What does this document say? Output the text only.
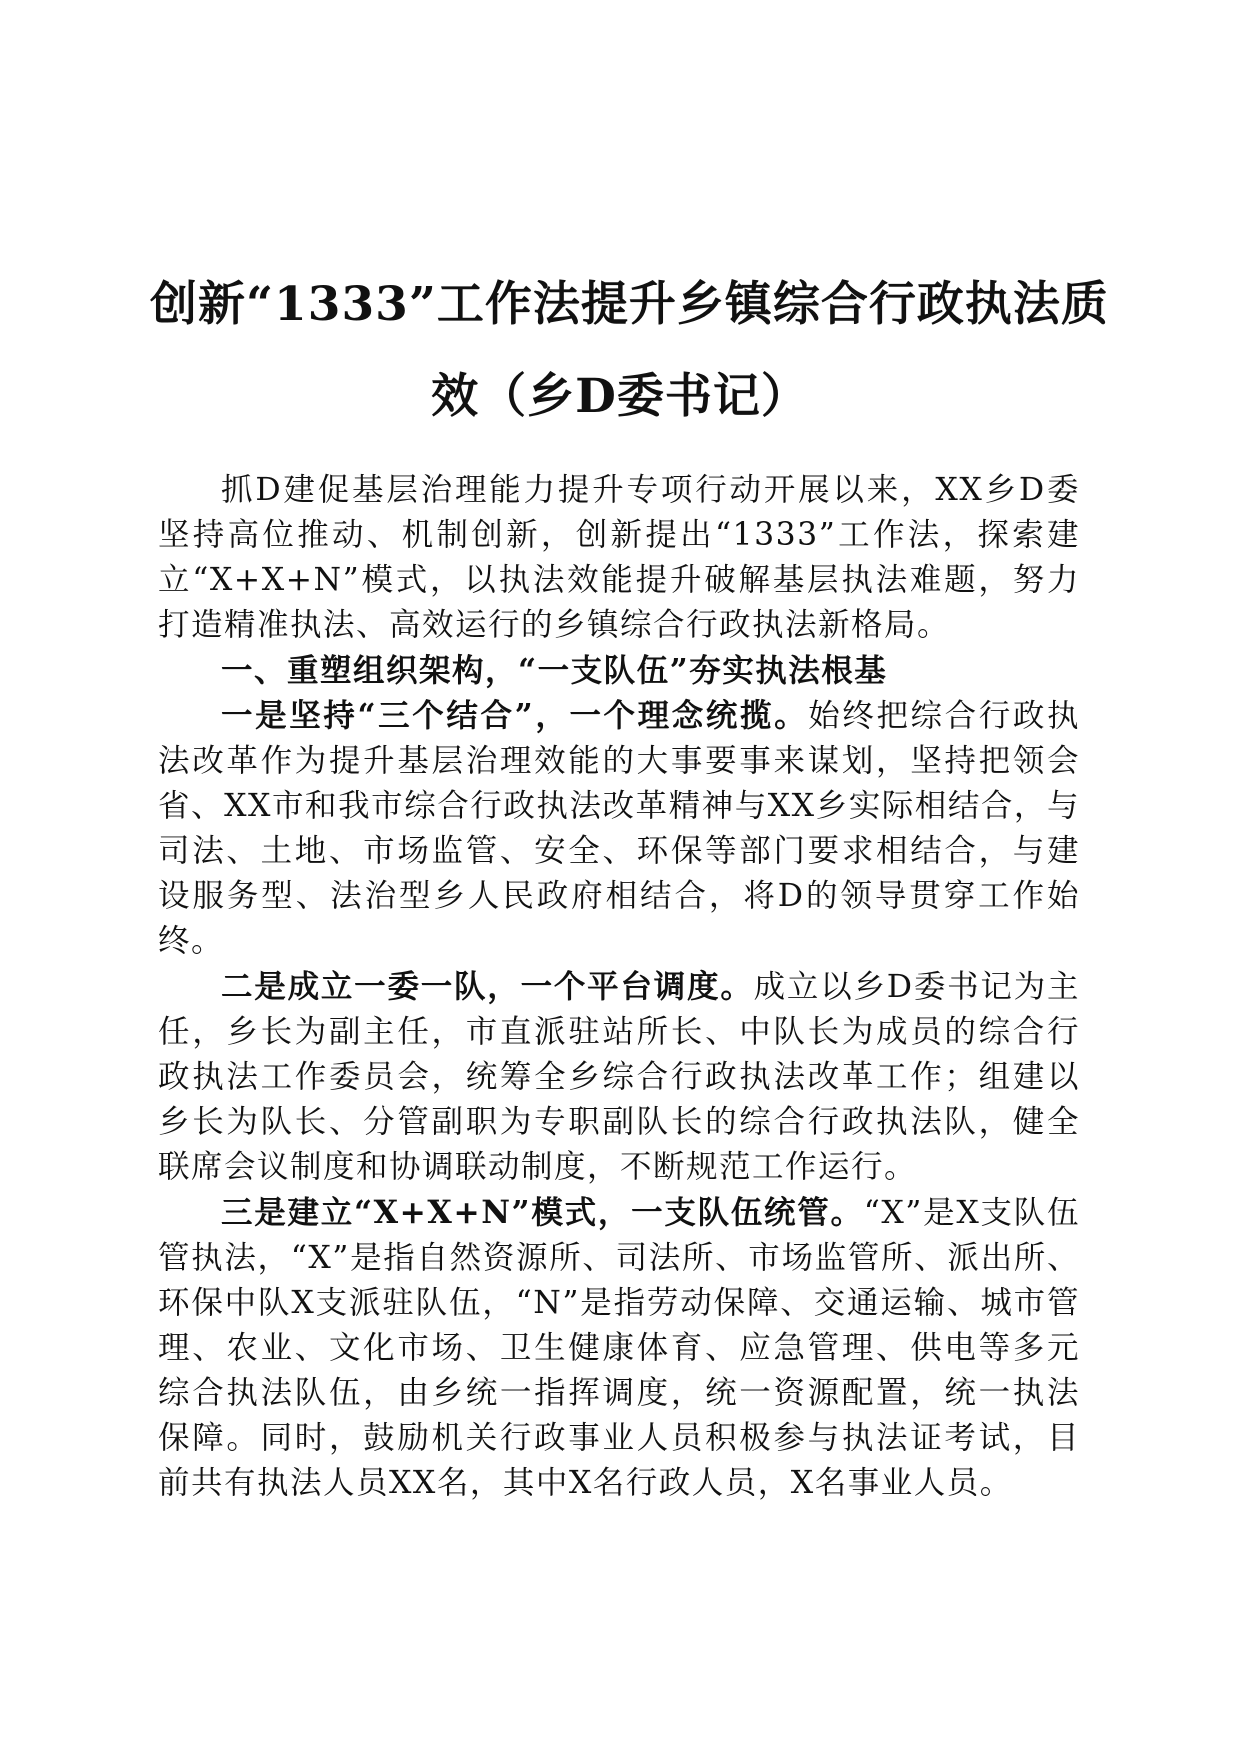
创新“1333”工作法提升乡镇综合行政执法质
效（乡D委书记）

抓D建促基层治理能力提升专项行动开展以来，XX乡D委坚持高位推动、机制创新，创新提出“1333”工作法，探索建立“X+X+N”模式，以执法效能提升破解基层执法难题，努力打造精准执法、高效运行的乡镇综合行政执法新格局。

一、重塑组织架构，“一支队伍”夯实执法根基

一是坚持“三个结合”，一个理念统揽。始终把综合行政执法改革作为提升基层治理效能的大事要事来谋划，坚持把领会省、XX市和我市综合行政执法改革精神与XX乡实际相结合，与司法、土地、市场监管、安全、环保等部门要求相结合，与建设服务型、法治型乡人民政府相结合，将D的领导贯穿工作始终。

二是成立一委一队，一个平台调度。成立以乡D委书记为主任，乡长为副主任，市直派驻站所长、中队长为成员的综合行政执法工作委员会，统筹全乡综合行政执法改革工作；组建以乡长为队长、分管副职为专职副队长的综合行政执法队，健全联席会议制度和协调联动制度，不断规范工作运行。

三是建立“X+X+N”模式，一支队伍统管。“X”是X支队伍管执法，“X”是指自然资源所、司法所、市场监管所、派出所、环保中队X支派驻队伍，“N”是指劳动保障、交通运输、城市管理、农业、文化市场、卫生健康体育、应急管理、供电等多元综合执法队伍，由乡统一指挥调度，统一资源配置，统一执法保障。同时，鼓励机关行政事业人员积极参与执法证考试，目前共有执法人员XX名，其中X名行政人员，X名事业人员。
